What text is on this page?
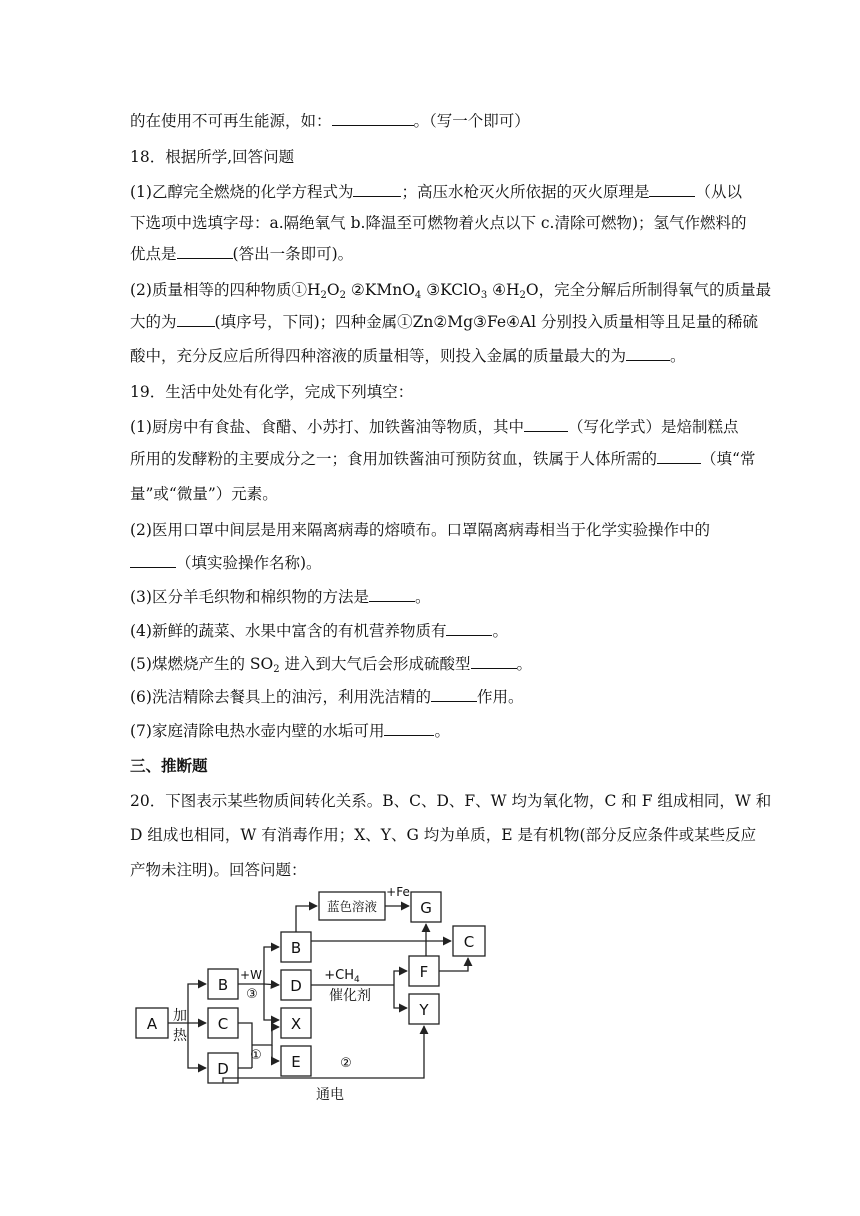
的在使用不可再生能源，如：	。（写一个即可）
18．根据所学,回答问题
(1)乙醇完全燃烧的化学方程式为	；高压水枪灭火所依据的灭火原理是	（从以
下选项中选填字母：a.隔绝氧气 b.降温至可燃物着火点以下 c.清除可燃物)；氢气作燃料的
优点是	(答出一条即可)。
(2)质量相等的四种物质$①H_2O_2$ ②KMnO$_4$ ③KClO$_3$ $④H_2O$，完全分解后所制得氧气的质量最
大的为 (填序号，下同)；四种金属①Zn②Mg③Fe④Al 分别投入质量相等且足量的稀硫
酸中，充分反应后所得四种溶液的质量相等，则投入金属的质量最大的为	。
19．生活中处处有化学，完成下列填空：
(1)厨房中有食盐、食醋、小苏打、加铁酱油等物质，其中	（写化学式）是焙制糕点
所用的发酵粉的主要成分之一；食用加铁酱油可预防贫血，铁属于人体所需的	（填“常
量”或“微量”）元素。
(2)医用口罩中间层是用来隔离病毒的熔喷布。口罩隔离病毒相当于化学实验操作中的
（填实验操作名称)。
(3)区分羊毛织物和棉织物的方法是	。
(4)新鲜的蔬菜、水果中富含的有机营养物质有	。
(5)煤燃烧产生的 $SO_2$ 进入到大气后会形成硫酸型	。
(6)洗洁精除去餐具上的油污，利用洗洁精的	作用。
(7)家庭清除电热水壶内壁的水垢可用	。
三、推断题
20．下图表示某些物质间转化关系。B、C、D、F、W 均为氧化物，C 和 F 组成相同，W 和
D 组成也相同，W 有消毒作用；X、Y、G 均为单质，E 是有机物(部分反应条件或某些反应
产物未注明)。回答问题：
A
B
C
D
B
D
X
E
G
C
F
Y
蓝色溶液
+Fe
+W
③
$+CH_4$
催化剂
加
热
①
②
通电
